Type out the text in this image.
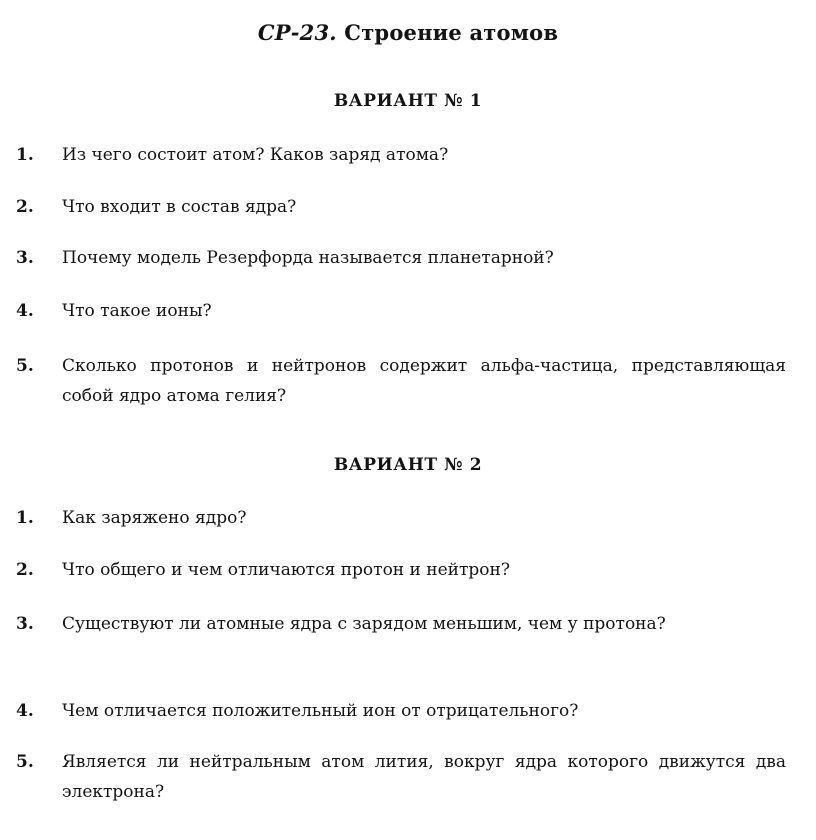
СР-23. Строение атомов
ВАРИАНТ № 1
1. Из чего состоит атом? Каков заряд атома?
2. Что входит в состав ядра?
3. Почему модель Резерфорда называется планетарной?
4. Что такое ионы?
5. Сколько протонов и нейтронов содержит альфа-частица, представляющая собой ядро атома гелия?
ВАРИАНТ № 2
1. Как заряжено ядро?
2. Что общего и чем отличаются протон и нейтрон?
3. Существуют ли атомные ядра с зарядом меньшим, чем у протона?
4. Чем отличается положительный ион от отрицательного?
5. Является ли нейтральным атом лития, вокруг ядра которого движутся два электрона?
